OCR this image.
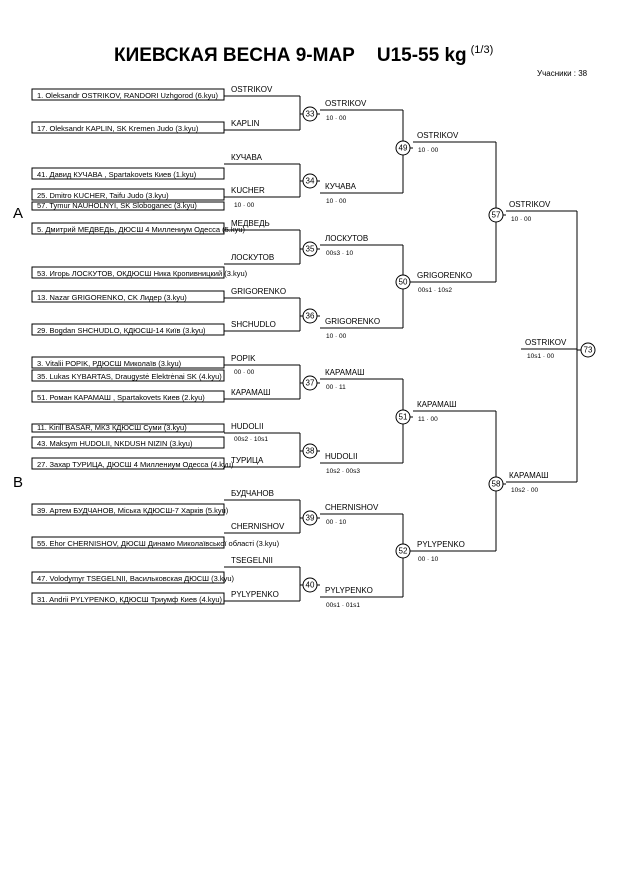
КИЕВСКАЯ ВЕСНА 9-МАР U15-55 kg $^{(1/3)}$
Учасники : 38
A
B
1. Oleksandr OSTRIKOV, RANDORI Uzhgorod (6.kyu)
17. Oleksandr KAPLIN, SK Kremen Judo (3.kyu)
41. Давид КУЧАВА , Spartakovets Киев (1.kyu)
25. Dmitro KUCHER, Taifu Judo (3.kyu)
57. Tymur NAUHOLNYI, SK Sloboganec (3.kyu)
5. Дмитрий МЕДВЕДЬ, ДЮСШ 4 Миллениум Одесса (5.kyu)
53. Игорь ЛОСКУТОВ, ОКДЮСШ Ника Кропивницкий (3.kyu)
13. Nazar GRIGORENKO, CK Лидер (3.kyu)
29. Bogdan SHCHUDLO, КДЮСШ-14 Київ (3.kyu)
3. Vitalii POPIK, РДЮСШ Миколаїв (3.kyu)
35. Lukas KYBARTAS, Draugystė Elektrėnai SK (4.kyu)
51. Роман КАРАМАШ , Spartakovets Киев (2.kyu)
11. Kirill BASAR, МКЗ КДЮСШ Суми (3.kyu)
43. Maksym HUDOLII, NKDUSH NIZIN (3.kyu)
27. Захар ТУРИЦА, ДЮСШ 4 Миллениум Одесса (4.kyu)
39. Артем БУДЧАНОВ, Міська КДЮСШ-7 Харків (5.kyu)
55. Ehor CHERNISHOV, ДЮСШ Динамо Миколаївської області (3.kyu)
47. Volodymyr TSEGELNII, Васильковская ДЮСШ (3.kyu)
31. Andrii PYLYPENKO, КДЮСШ Триумф Киев (4.kyu)
OSTRIKOV
KAPLIN
КУЧАВА
KUCHER
МЕДВЕДЬ
ЛОСКУТОВ
GRIGORENKO
SHCHUDLO
POPIK
КАРАМАШ
HUDOLII
ТУРИЦА
БУДЧАНОВ
CHERNISHOV
TSEGELNII
PYLYPENKO
10 · 00
00 · 00
00s2 · 10s1
OSTRIKOV
10 · 00
33
КУЧАВА
10 · 00
34
ЛОСКУТОВ
00s3 · 10
35
GRIGORENKO
10 · 00
36
КАРАМАШ
00 · 11
37
HUDOLII
10s2 · 00s3
38
CHERNISHOV
00 · 10
39
PYLYPENKO
00s1 · 01s1
40
OSTRIKOV
10 · 00
49
GRIGORENKO
00s1 · 10s2
50
КАРАМАШ
11 · 00
51
PYLYPENKO
00 · 10
52
OSTRIKOV
10 · 00
57
КАРАМАШ
10s2 · 00
58
OSTRIKOV
10s1 · 00
73
